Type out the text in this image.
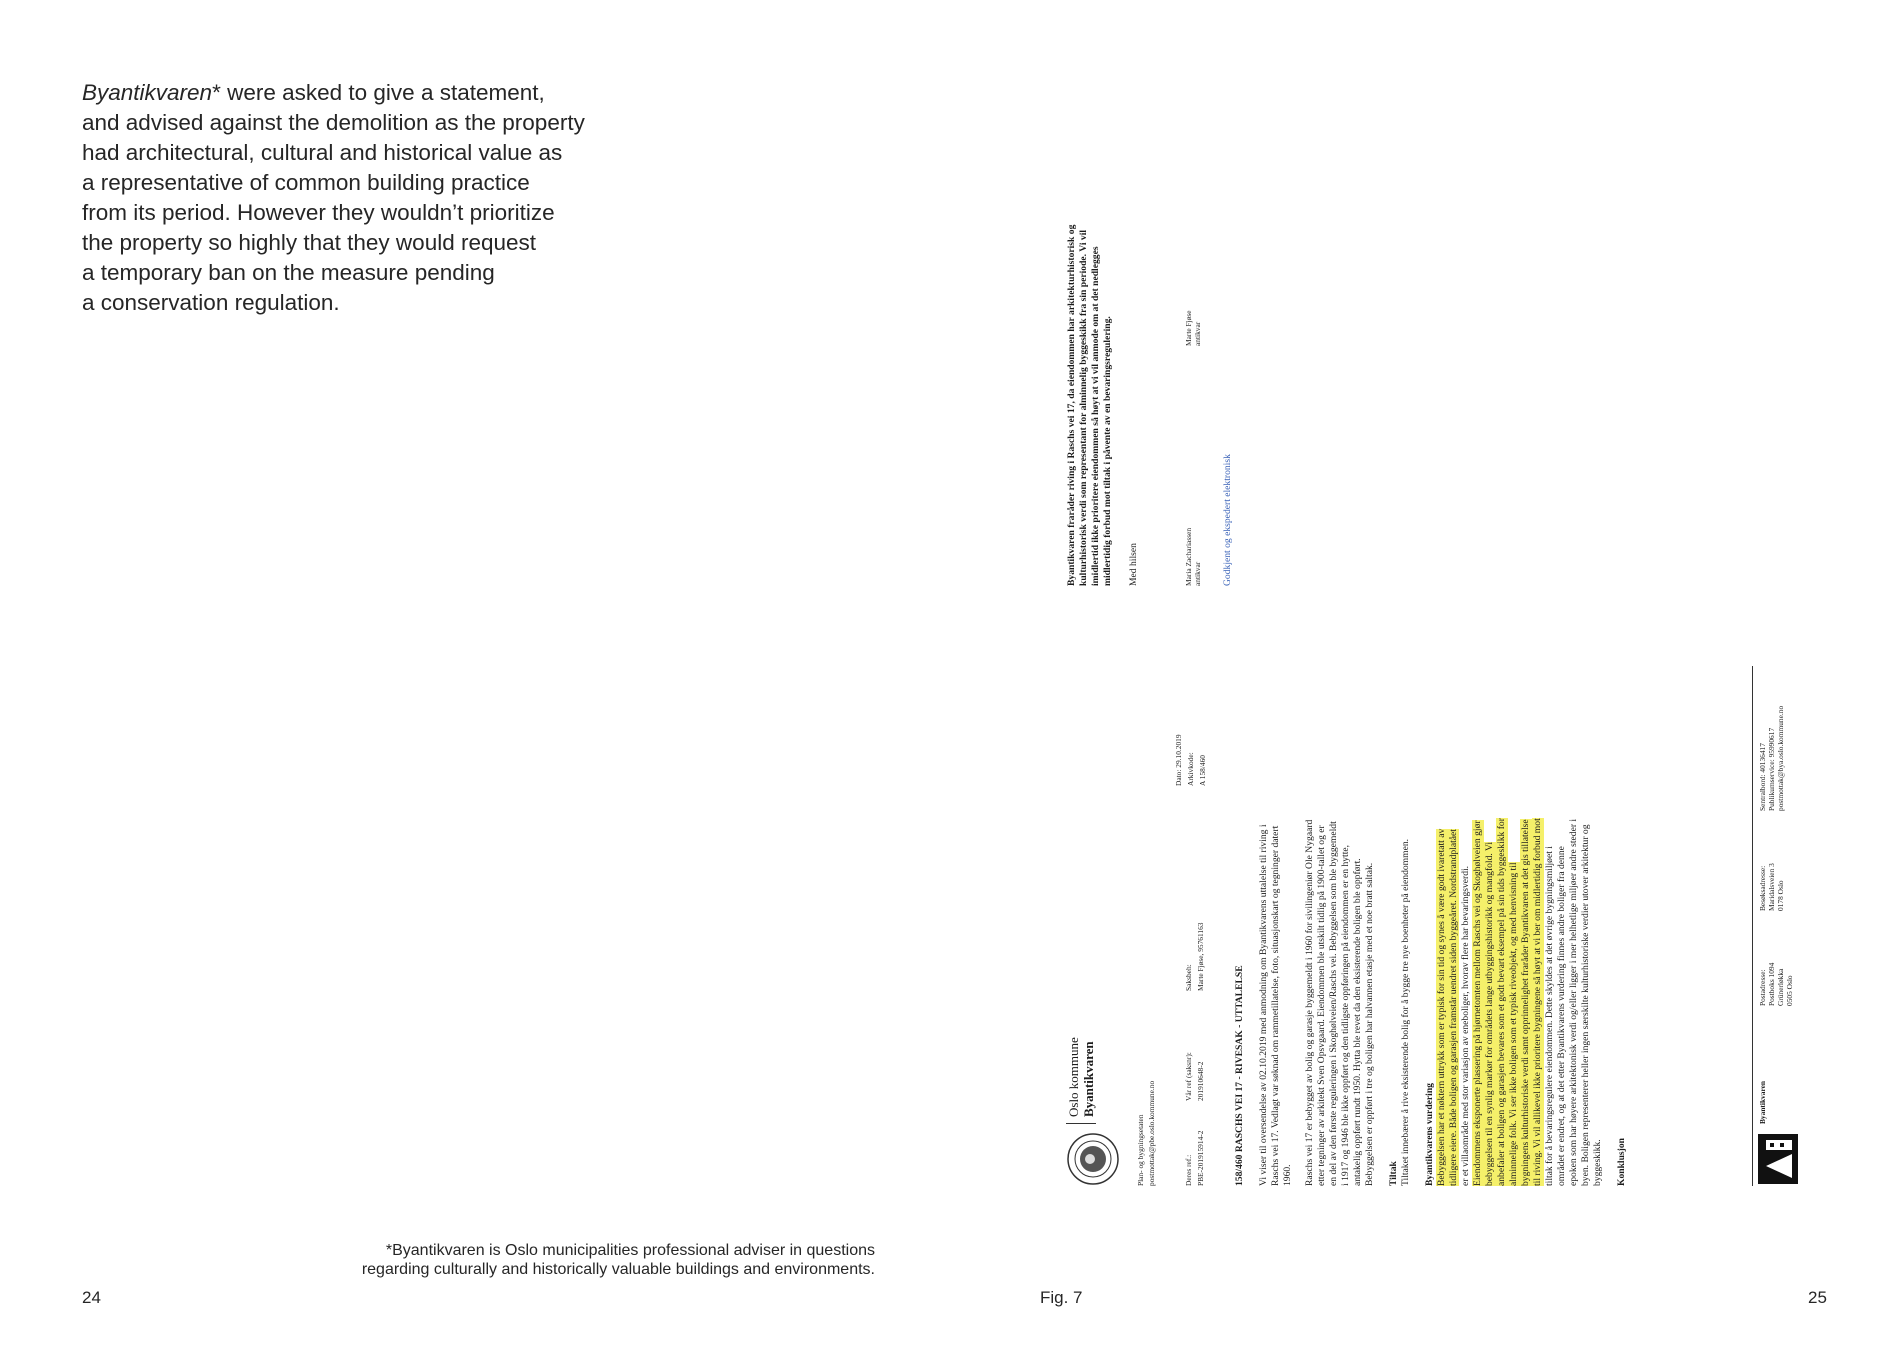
Byantikvaren* were asked to give a statement,

and advised against the demolition as the property

had architectural, cultural and historical value as

a representative of common building practice

from its period. However they wouldn’t prioritize

the property so highly that they would request

a temporary ban on the measure pending

a conservation regulation.

*Byantikvaren is Oslo municipalities professional adviser in questions
regarding culturally and historically valuable buildings and environments.
24	Fig. 7	25
Oslo kommune Byantikvaren
Plan- og bygningsetaten postmottak@pbe.oslo.kommune.no	Deres ref.: PBE-201915914-2
Vår ref (saksnr): 201910648-2
Saksbeh: Marte Fjøse, 95761163
Dato: 29.10.2019
Arkivkode: A 158/460
158/460 RASCHS VEI 17 - RIVESAK - UTTALELSE Vi viser til oversendelse av 02.10.2019 med anmodning om Byantikvarens uttalelse til riving i Raschs vei 17. Vedlagt var søknad om rammetillatelse, foto, situasjonskart og tegninger datert 1960. Raschs vei 17 er bebygget av bolig og garasje byggemeldt i 1960 for sivilingeniør Ole Nygaard etter tegninger av arkitekt Sven Opsvgaard. Eiendommen ble utskilt tidlig på 1900-tallet og er en del av den første reguleringen i Skoghølveien/Raschs vei. Bebyggelsen som ble byggemeldt i 1917 og 1946 ble ikke oppført og den tidligste oppføringen på eiendommen er en hytte, antakelig oppført rundt 1950. Hytta ble revet da den eksisterende boligen ble oppført. Bebyggelsen er oppført i tre og boligen har halvannen etasje med et noe bratt saltak. Tiltak Tiltaket innebærer å rive eksisterende bolig for å bygge tre nye boenheter på eiendommen. Byantikvarens vurdering Bebyggelsen har et nøktern uttrykk som er typisk for sin tid og synes å være godt ivaretatt av tidligere eiere. Både boligen og garasjen framstår uendret siden byggeåret. Nordstrandplatået er et villaområde med stor variasjon av eneboliger, hvorav flere har bevaringsverdi. Eiendommens eksponerte plassering på hjørnetomten mellom Raschs vei og Skoghølveien gjør bebyggelsen til en synlig markør for områdets lange utbyggingshistorikk og mangfold. Vi anbefaler at boligen og garasjen bevares som et godt bevart eksempel på sin tids byggeskikk for alminnelige folk. Vi ser ikke boligen som et typisk riveobjekt, og med henvisning til bygningens kulturhistoriske verdi samt opprinnelighet fraråder Byantikvaren at det gis tillatelse til riving. Vi vil allikevel ikke prioritere bygningene så høyt at vi ber om midlertidig forbud mot tiltak for å bevaringsregulere eiendommen. Dette skyldes at det øvrige bygningsmiljøet i området er endret, og at det etter Byantikvarens vurdering finnes andre boliger fra denne epoken som har høyere arkitektonisk verdi og/eller ligger i mer helhetlige miljøer andre steder i byen. Boligen representerer heller ingen særskilte kulturhistoriske verdier utover arkitektur og byggeskikk. Konklusjon
Byantikvaren
Postadresse: Postboks 1094 Grünerløkka 0505 Oslo
Besøksadresse: Maridalsveien 3 0178 Oslo
Sentralbord: 40136417 Publikumservice: 95990617 postmottak@bya.oslo.kommune.no
Byantikvaren fraråder riving i Raschs vei 17, da eiendommen har arkitekturhistorisk og kulturhistorisk verdi som representant for alminnelig byggeskikk fra sin periode. Vi vil imidlertid ikke prioritere eiendommen så høyt at vi vil anmode om at det nedlegges midlertidig forbud mot tiltak i påvente av en bevaringsregulering. Med hilsen	Maria Zachariassen antikvar
Marte Fjøse antikvar
Godkjent og ekspedert elektronisk
